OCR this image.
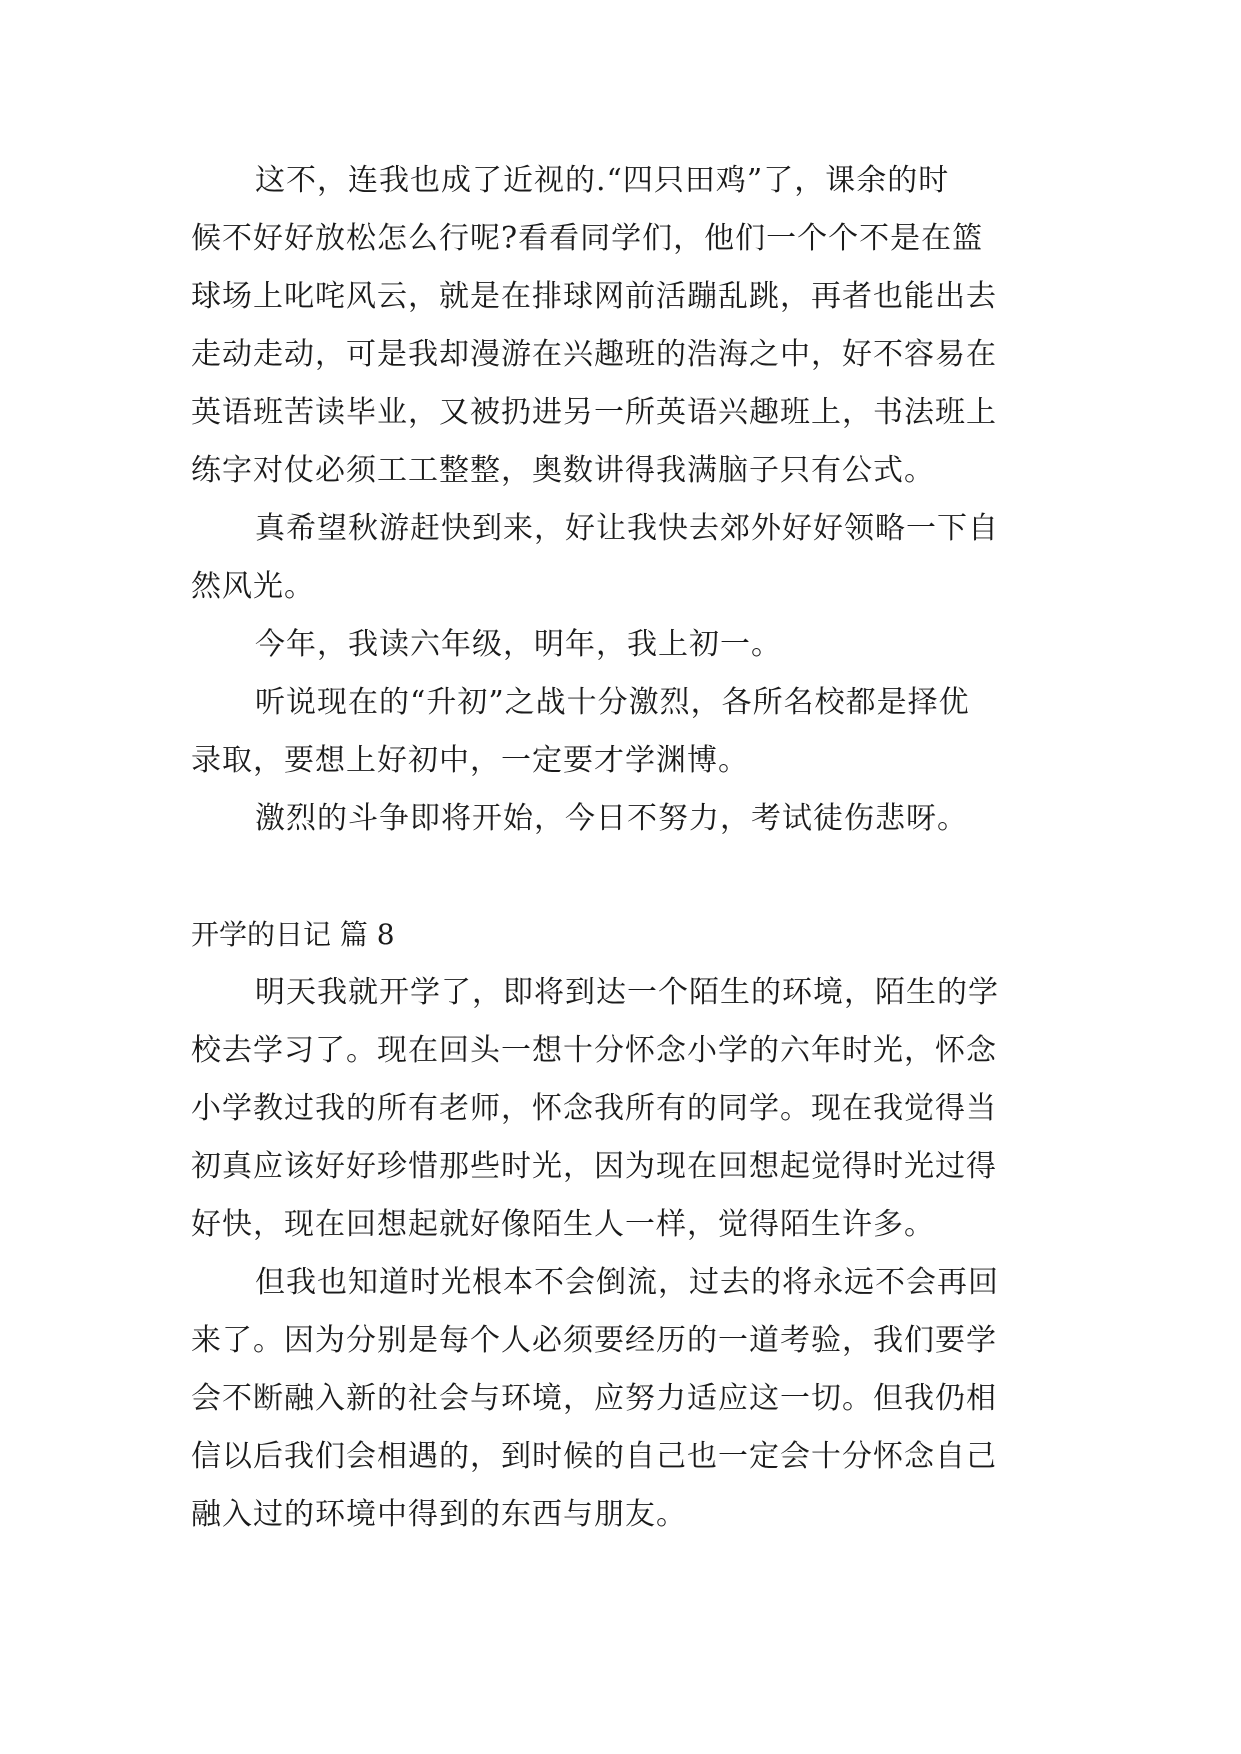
这不，连我也成了近视的.“四只田鸡”了，课余的时
候不好好放松怎么行呢?看看同学们，他们一个个不是在篮
球场上叱咤风云，就是在排球网前活蹦乱跳，再者也能出去
走动走动，可是我却漫游在兴趣班的浩海之中，好不容易在
英语班苦读毕业，又被扔进另一所英语兴趣班上，书法班上
练字对仗必须工工整整，奥数讲得我满脑子只有公式。
真希望秋游赶快到来，好让我快去郊外好好领略一下自
然风光。
今年，我读六年级，明年，我上初一。
听说现在的“升初”之战十分激烈，各所名校都是择优
录取，要想上好初中，一定要才学渊博。
激烈的斗争即将开始，今日不努力，考试徒伤悲呀。
开学的日记 篇 8
明天我就开学了，即将到达一个陌生的环境，陌生的学
校去学习了。现在回头一想十分怀念小学的六年时光，怀念
小学教过我的所有老师，怀念我所有的同学。现在我觉得当
初真应该好好珍惜那些时光，因为现在回想起觉得时光过得
好快，现在回想起就好像陌生人一样，觉得陌生许多。
但我也知道时光根本不会倒流，过去的将永远不会再回
来了。因为分别是每个人必须要经历的一道考验，我们要学
会不断融入新的社会与环境，应努力适应这一切。但我仍相
信以后我们会相遇的，到时候的自己也一定会十分怀念自己
融入过的环境中得到的东西与朋友。
